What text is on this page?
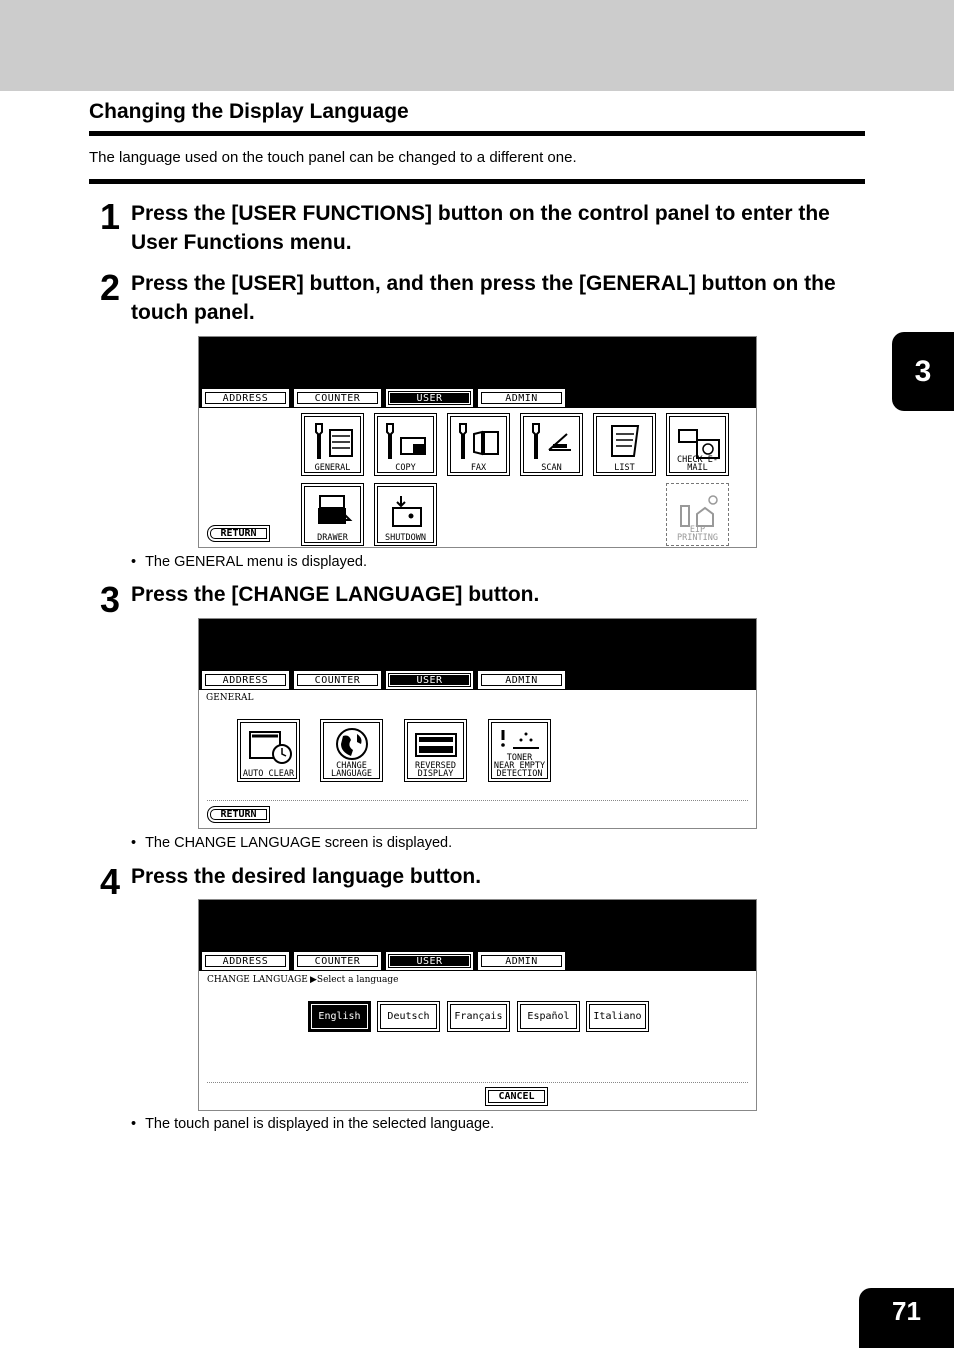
Changing the Display Language

The language used on the touch panel can be changed to a different one.

3
1 Press the [USER FUNCTIONS] button on the control panel to enter the User Functions menu.
2 Press the [USER] button, and then press the [GENERAL] button on the touch panel.
ADDRESS	COUNTER	USER	ADMIN
GENERAL	COPY	FAX	SCAN	LIST
CHECK E-MAIL
DRAWER	SHUTDOWN
EIP PRINTING
RETURN

• The GENERAL menu is displayed.

3 Press the [CHANGE LANGUAGE] button.
ADDRESS	COUNTER	USER	ADMIN
GENERAL
AUTO CLEAR
CHANGE
LANGUAGE
REVERSED
DISPLAY
TONER
NEAR EMPTY
DETECTION
RETURN

• The CHANGE LANGUAGE screen is displayed.

4 Press the desired language button.
ADDRESS	COUNTER	USER	ADMIN
CHANGE LANGUAGE ▶Select a language
English	Deutsch	Français	Español	Italiano
CANCEL

• The touch panel is displayed in the selected language.

71
